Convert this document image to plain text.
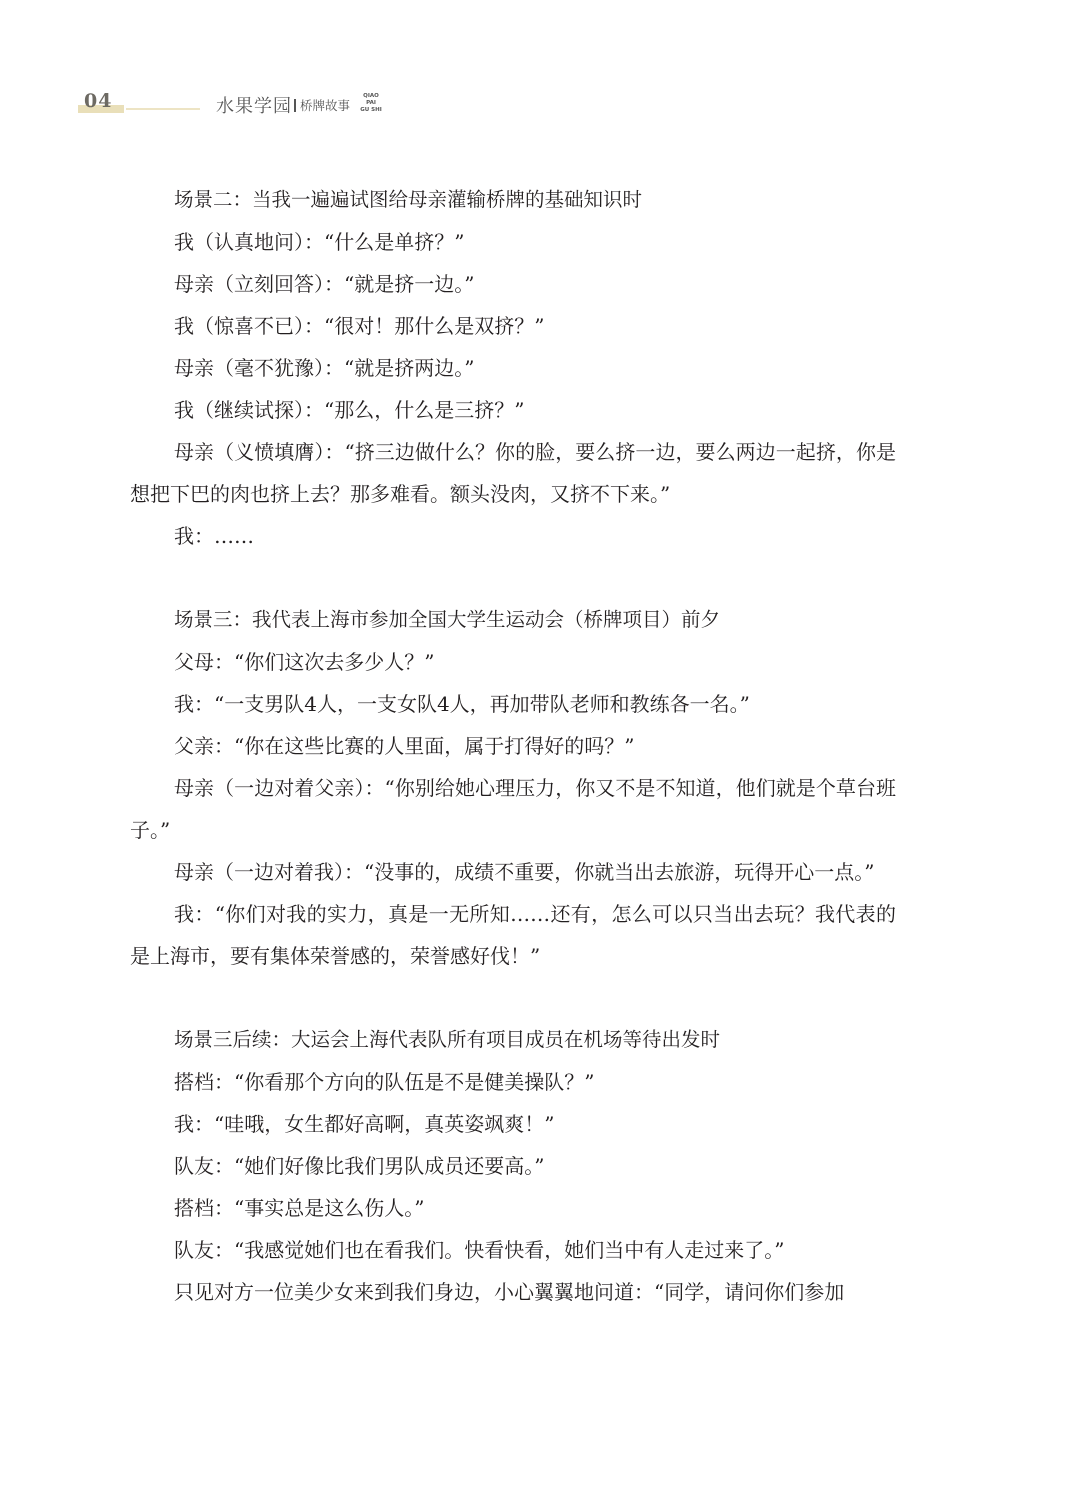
04	水果学园 桥牌故事
QIAO PAI
GU SHI
场景二：当我一遍遍试图给母亲灌输桥牌的基础知识时

我（认真地问）：“什么是单挤？”

母亲（立刻回答）：“就是挤一边。”

我（惊喜不已）：“很对！那什么是双挤？”

母亲（毫不犹豫）：“就是挤两边。”

我（继续试探）：“那么，什么是三挤？”

母亲（义愤填膺）：“挤三边做什么？你的脸，要么挤一边，要么两边一起挤，你是想把下巴的肉也挤上去？那多难看。额头没肉，又挤不下来。”

我：……

场景三：我代表上海市参加全国大学生运动会（桥牌项目）前夕

父母：“你们这次去多少人？”

我：“一支男队4人，一支女队4人，再加带队老师和教练各一名。”

父亲：“你在这些比赛的人里面，属于打得好的吗？”

母亲（一边对着父亲）：“你别给她心理压力，你又不是不知道，他们就是个草台班子。”

母亲（一边对着我）：“没事的，成绩不重要，你就当出去旅游，玩得开心一点。”

我：“你们对我的实力，真是一无所知……还有，怎么可以只当出去玩？我代表的是上海市，要有集体荣誉感的，荣誉感好伐！”

场景三后续：大运会上海代表队所有项目成员在机场等待出发时

搭档：“你看那个方向的队伍是不是健美操队？”

我：“哇哦，女生都好高啊，真英姿飒爽！”

队友：“她们好像比我们男队成员还要高。”

搭档：“事实总是这么伤人。”

队友：“我感觉她们也在看我们。快看快看，她们当中有人走过来了。”

只见对方一位美少女来到我们身边，小心翼翼地问道：“同学，请问你们参加
